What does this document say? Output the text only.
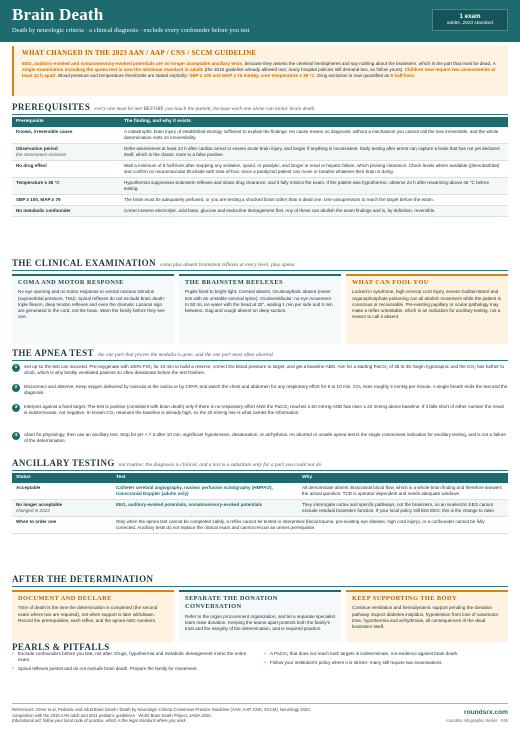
Brain Death
Death by neurologic criteria · a clinical diagnosis · exclude every confounder before you test
1 exam
adults, 2023 standard
WHAT CHANGED IN THE 2023 AAN / AAP / CNS / SCCM GUIDELINE

EEG, auditory-evoked and somatosensory-evoked potentials are no longer acceptable ancillary tests, because they assess the cerebral hemispheres and say nothing about the brainstem, which is the part that must be dead. A single examination including the apnea test is now the minimum standard in adults (the 2010 guideline already allowed one; many hospital policies still demand two, so follow yours). Children now require two assessments at least 12 h apart. Blood pressure and temperature thresholds are stated explicitly: SBP ≥ 100 and MAP ≥ 75 mmHg, core temperature ≥ 36 °C. Drug exclusion is now quantified as 5 half-lives.

PREREQUISITES every one must be met BEFORE you touch the patient, because each one alone can mimic brain death
Prerequisite	The finding, and why it exists
Known, irreversible cause	A catastrophic brain injury of established etiology sufficient to explain the findings. No cause means no diagnosis: without a mechanism you cannot call the loss irreversible, and the whole determination rests on irreversibility.
Observation period
the commonest omission	Defer assessment at least 24 h after cardiac arrest or severe acute brain injury, and longer if anything is inconsistent. Early testing after arrest can capture a brain that has not yet declared itself, which is the classic route to a false positive.
No drug effect	Wait a minimum of 5 half-lives after stopping any sedative, opioid, or paralytic, and longer in renal or hepatic failure, which prolong clearance. Check levels where available (phenobarbital) and confirm no neuromuscular blockade with train-of-four, since a paralyzed patient can move or breathe whatever their brain is doing.
Temperature ≥ 36 °C	Hypothermia suppresses brainstem reflexes and slows drug clearance, and it fully mimics the exam. If the patient was hypothermic, observe 24 h after rewarming above 36 °C before testing.
SBP ≥ 100, MAP ≥ 75	The brain must be adequately perfused, or you are testing a shocked brain rather than a dead one. Use vasopressors to reach the target before the exam.
No metabolic confounder	Correct severe electrolyte, acid-base, glucose and endocrine derangement first. Any of these can abolish the exam findings and is, by definition, reversible.
THE CLINICAL EXAMINATION coma plus absent brainstem reflexes at every level, plus apnea
COMA AND MOTOR RESPONSE
No eye opening and no motor response to central noxious stimulus (supraorbital pressure, TMJ). Spinal reflexes do not exclude brain death: triple flexion, deep tendon reflexes and even the dramatic Lazarus sign are generated in the cord, not the brain. Warn the family before they see one.
THE BRAINSTEM REFLEXES
Pupils fixed to bright light. Corneal absent. Oculocephalic absent (never test with an unstable cervical spine). Oculovestibular: no eye movement to 50 mL ice water with the head at 30°, waiting 1 min per side and 5 min between. Gag and cough absent on deep suction.
WHAT CAN FOOL YOU
Locked-in syndrome, high cervical cord injury, severe Guillain-Barré and organophosphate poisoning can all abolish movement while the patient is conscious or recoverable. Pre-existing pupillary or ocular pathology may make a reflex untestable, which is an indication for ancillary testing, not a reason to call it absent.
THE APNEA TEST the one part that proves the medulla is gone, and the one part most often aborted
1	Set up so the test can succeed. Pre-oxygenate with 100% FiO₂ for 10 min to build a reserve, correct the blood pressure to target, and get a baseline ABG. Aim for a starting PaCO₂ of 35 to 45: begin hypocapnic and the CO₂ has further to climb, which is why briskly ventilated patients so often desaturate before the test finishes.
2	Disconnect and observe. Keep oxygen delivered by cannula at the carina or by CPAP, and watch the chest and abdomen for any respiratory effort for 8 to 10 min. CO₂ rises roughly 3 mmHg per minute. A single breath ends the test and the diagnosis.
3	Interpret against a fixed target. The test is positive (consistent with brain death) only if there is no respiratory effort AND the PaCO₂ reaches ≥ 60 mmHg AND has risen ≥ 20 mmHg above baseline. If it falls short of either number the result is indeterminate, not negative. In known CO₂ retainers the baseline is already high, so the 20 mmHg rise is what carries the information.
4	Abort for physiology, then use an ancillary test. Stop for pH < 7.3 after 10 min, significant hypotension, desaturation, or arrhythmia. An aborted or unsafe apnea test is the single commonest indication for ancillary testing, and is not a failure of the determination.
ANCILLARY TESTING not routine: the diagnosis is clinical, and a test is a substitute only for a part you could not do
Status	Test	Why
Acceptable	Catheter cerebral angiography, nuclear perfusion scintigraphy (HMPAO), transcranial Doppler (adults only)	All demonstrate absent intracranial blood flow, which is a whole-brain finding and therefore answers the actual question. TCD is operator dependent and needs adequate windows.
No longer acceptable
changed in 2023	EEG, auditory-evoked potentials, somatosensory-evoked potentials	They interrogate cortex and specific pathways, not the brainstem, so an isoelectric EEG cannot exclude residual brainstem function. If your local policy still lists EEG, this is the change to raise.
When to order one	Only when the apnea test cannot be completed safely, a reflex cannot be tested or interpreted (facial trauma, pre-existing eye disease, high cord injury), or a confounder cannot be fully corrected. Ancillary tests do not replace the clinical exam and cannot rescue an unmet prerequisite.	
AFTER THE DETERMINATION
DOCUMENT AND DECLARE
Time of death is the time the determination is completed (the second exam where two are required), not when support is later withdrawn. Record the prerequisites, each reflex, and the apnea ABG numbers.
SEPARATE THE DONATION CONVERSATION
Refer to the organ procurement organization, and let a separate specialist team raise donation. Keeping the teams apart protects both the family's trust and the integrity of the determination, and is required practice.
KEEP SUPPORTING THE BODY
Continue ventilation and hemodynamic support pending the donation pathway. Expect diabetes insipidus, hypotension from loss of vasomotor tone, hypothermia and arrhythmias, all consequences of the dead brainstem itself.
PEARLS & PITFALLS
• Exclude confounders before you test, not after. Drugs, hypothermia and metabolic derangement mimic the entire exam.
• Spinal reflexes persist and do not exclude brain death. Prepare the family for movement.
• A PaCO₂ that does not reach both targets is indeterminate, not evidence against brain death.
• Follow your institution's policy where it is stricter; many still require two examinations.
References: Greer et al, Pediatric and Adult Brain Death / Death by Neurologic Criteria Consensus Practice Guideline (AAN, AAP, CNS, SCCM), Neurology 2023;
comparison with the 2010 AAN adult and 2011 pediatric guidelines · World Brain Death Project, JAMA 2020.
Educational aid; follow your local code of practice, which is the legal standard where you work.
roundsrx.com
roundsrx Infographic Series · #45
